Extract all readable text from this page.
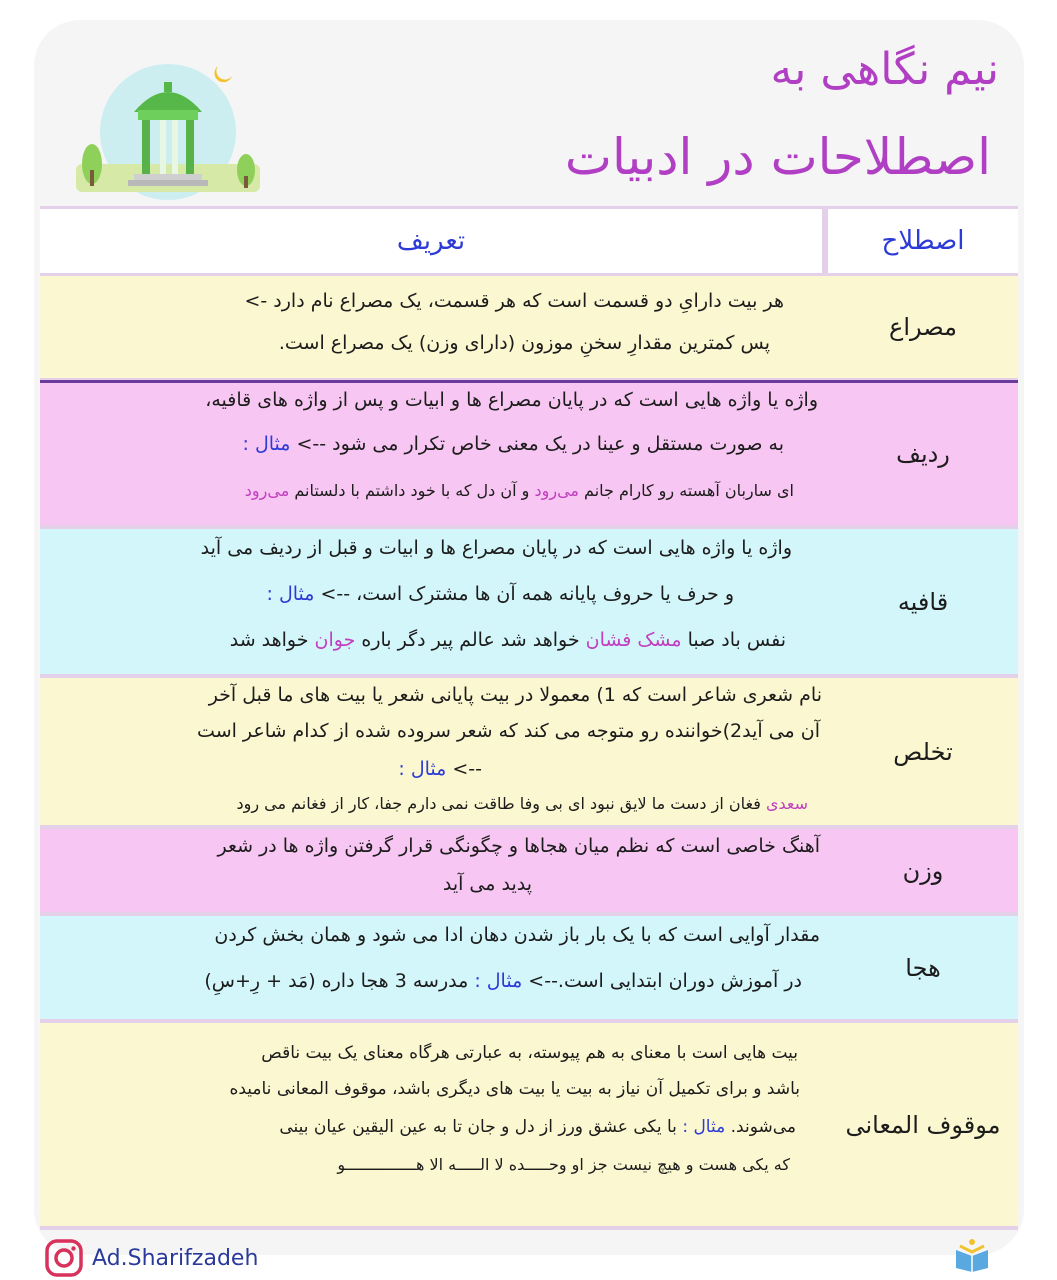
نیم نگاهی به
اصطلاحات در ادبیات
اصطلاح
تعریف
مصراع
هر بیت دارایِ دو قسمت است که هر قسمت، یک مصراع نام دارد ->
پس کمترین مقدارِ سخنِ موزون (دارای وزن) یک مصراع است.
ردیف
واژه یا واژه هایی است که در پایان مصراع ها و ابیات و پس از واژه های قافیه،
به صورت مستقل و عینا در یک معنی خاص تکرار می شود --> مثال :
ای ساربان آهسته رو کارام جانم می‌رود و آن دل که با خود داشتم با دلستانم می‌رود
قافیه
واژه یا واژه هایی است که در پایان مصراع ها و ابیات و قبل از ردیف می آید
و حرف یا حروف پایانه همه آن ها مشترک است، --> مثال :
نفس باد صبا مشک فشان خواهد شد عالم پیر دگر باره جوان خواهد شد
تخلص
نام شعری شاعر است که 1) معمولا در بیت پایانی شعر یا بیت های ما قبل آخر
آن می آید2)خواننده رو متوجه می کند که شعر سروده شده از کدام شاعر است
--> مثال :
سعدی فغان از دست ما لایق نبود ای بی وفا طاقت نمی دارم جفا، کار از فغانم می رود
وزن
آهنگ خاصی است که نظم میان هجاها و چگونگی قرار گرفتن واژه ها در شعر
پدید می آید
هجا
مقدار آوایی است که با یک بار باز شدن دهان ادا می شود و همان بخش کردن
در آموزش دوران ابتدایی است.--> مثال : مدرسه 3 هجا داره (مَد + رِ+سِ)
موقوف المعانی
بیت هایی است با معنای به هم پیوسته، به عبارتی هرگاه معنای یک بیت ناقص
باشد و برای تکمیل آن نیاز به بیت یا بیت های دیگری باشد، موقوف المعانی نامیده
می‌شوند. مثال : با یکی عشق ورز از دل و جان تا به عین الیقین عیان بینی
که یکی هست و هیچ نیست جز او وحـــــده لا الـــــه الا هـــــــــــــــو
Ad.Sharifzadeh
